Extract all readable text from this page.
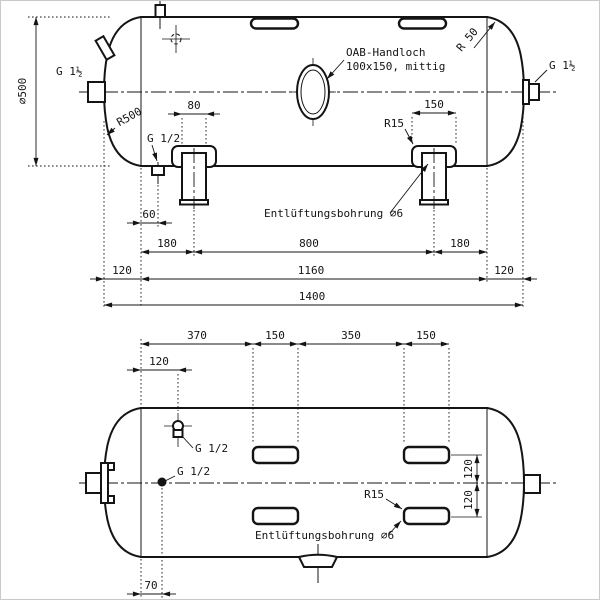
∅500
G 1½
R500
G 1/2
R 50
G 1½
OAB-Handloch
100x150, mittig
R15
Entlüftungsbohrung ∅6
80	150
60
180	800	180
120	1160	120
1400
G 1/2
G 1/2
R15
Entlüftungsbohrung ∅6
370	150	350	150
120
120
120
70
